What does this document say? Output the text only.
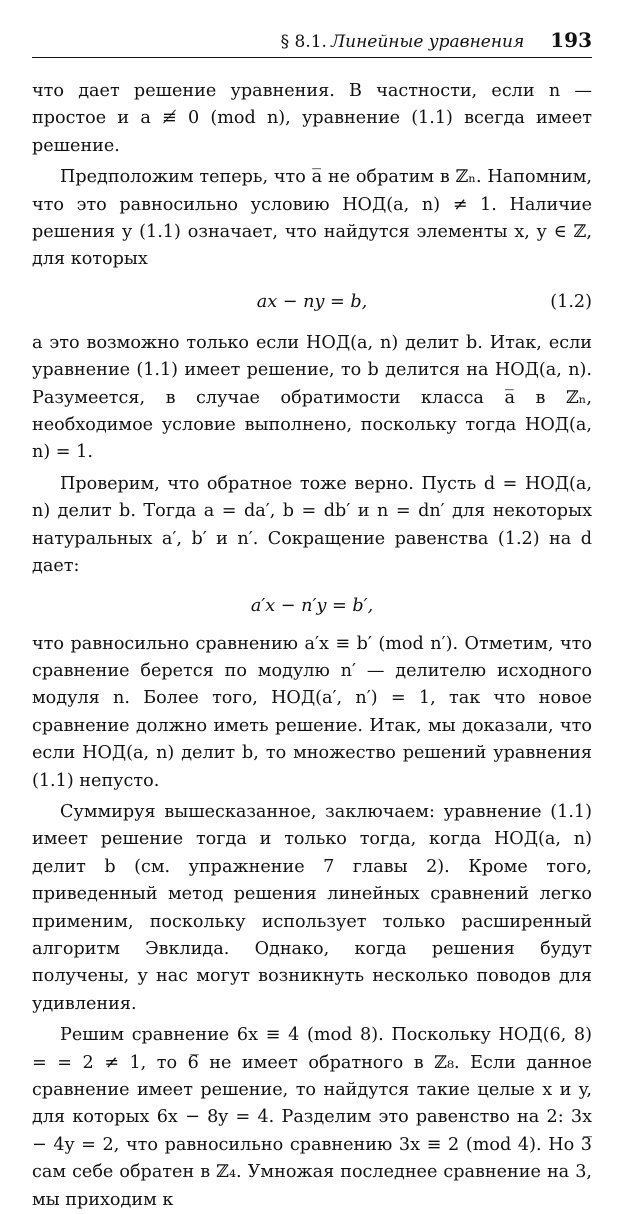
§ 8.1. Линейные уравнения 193

что дает решение уравнения. В частности, если n — простое и a ≢ 0 (mod n), уравнение (1.1) всегда имеет решение.

Предположим теперь, что a̅ не обратим в ℤₙ. Напомним, что это равносильно условию НОД(a, n) ≠ 1. Наличие решения у (1.1) означает, что найдутся элементы x, y ∈ ℤ, для которых

ax − ny = b,	(1.2)

а это возможно только если НОД(a, n) делит b. Итак, если уравнение (1.1) имеет решение, то b делится на НОД(a, n). Разумеется, в случае обратимости класса a̅ в ℤₙ, необходимое условие выполнено, поскольку тогда НОД(a, n) = 1.

Проверим, что обратное тоже верно. Пусть d = НОД(a, n) делит b. Тогда a = da′, b = db′ и n = dn′ для некоторых натуральных a′, b′ и n′. Сокращение равенства (1.2) на d дает:

a′x − n′y = b′,

что равносильно сравнению a′x ≡ b′ (mod n′). Отметим, что сравнение берется по модулю n′ — делителю исходного модуля n. Более того, НОД(a′, n′) = 1, так что новое сравнение должно иметь решение. Итак, мы доказали, что если НОД(a, n) делит b, то множество решений уравнения (1.1) непусто.

Суммируя вышесказанное, заключаем: уравнение (1.1) имеет решение тогда и только тогда, когда НОД(a, n) делит b (см. упражнение 7 главы 2). Кроме того, приведенный метод решения линейных сравнений легко применим, поскольку использует только расширенный алгоритм Эвклида. Однако, когда решения будут получены, у нас могут возникнуть несколько поводов для удивления.

Решим сравнение 6x ≡ 4 (mod 8). Поскольку НОД(6, 8) = = 2 ≠ 1, то 6̅ не имеет обратного в ℤ₈. Если данное сравнение имеет решение, то найдутся такие целые x и y, для которых 6x − 8y = 4. Разделим это равенство на 2: 3x − 4y = 2, что равносильно сравнению 3x ≡ 2 (mod 4). Но 3̅ сам себе обратен в ℤ₄. Умножая последнее сравнение на 3, мы приходим к
